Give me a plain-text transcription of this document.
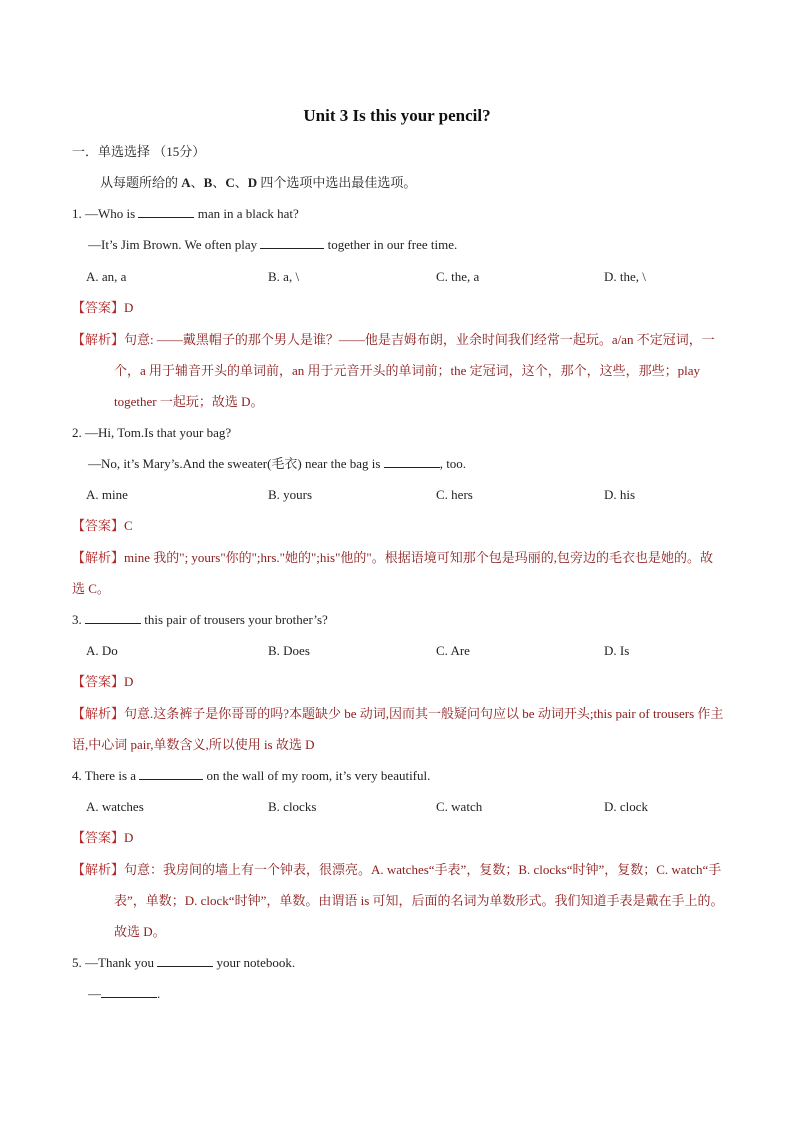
Unit 3 Is this your pencil?
一．单选选择 （15分）
从每题所给的 A、B、C、D 四个选项中选出最佳选项。
1. —Who is	man in a black hat?
—It’s Jim Brown. We often play	together in our free time.
A. an, a	B. a, \	C. the, a	D. the, \
【答案】D
【解析】句意: ——戴黑帽子的那个男人是谁？——他是吉姆布朗，业余时间我们经常一起玩。a/an 不定冠词，一个，a 用于辅音开头的单词前，an 用于元音开头的单词前；the 定冠词，这个，那个，这些，那些；play together 一起玩；故选 D。
2. —Hi, Tom.Is that your bag?
—No, it’s Mary’s.And the sweater(毛衣) near the bag is	, too.
A. mine	B. yours	C. hers	D. his
【答案】C
【解析】mine 我的"; yours"你的";hrs."她的";his"他的"。根据语境可知那个包是玛丽的,包旁边的毛衣也是她的。故选 C。
3.	this pair of trousers your brother’s?
A. Do	B. Does	C. Are	D. Is
【答案】D
【解析】句意.这条裤子是你哥哥的吗?本题缺少 be 动词,因而其一般疑问句应以 be 动词开头;this pair of trousers 作主语,中心词 pair,单数含义,所以使用 is 故选 D
4. There is a	on the wall of my room, it’s very beautiful.
A. watches	B. clocks	C. watch	D. clock
【答案】D
【解析】句意：我房间的墙上有一个钟表，很漂亮。A. watches“手表”，复数；B. clocks“时钟”，复数；C. watch“手表”，单数；D. clock“时钟”，单数。由谓语 is 可知，后面的名词为单数形式。我们知道手表是戴在手上的。故选 D。
5. —Thank you	your notebook.
—	.
